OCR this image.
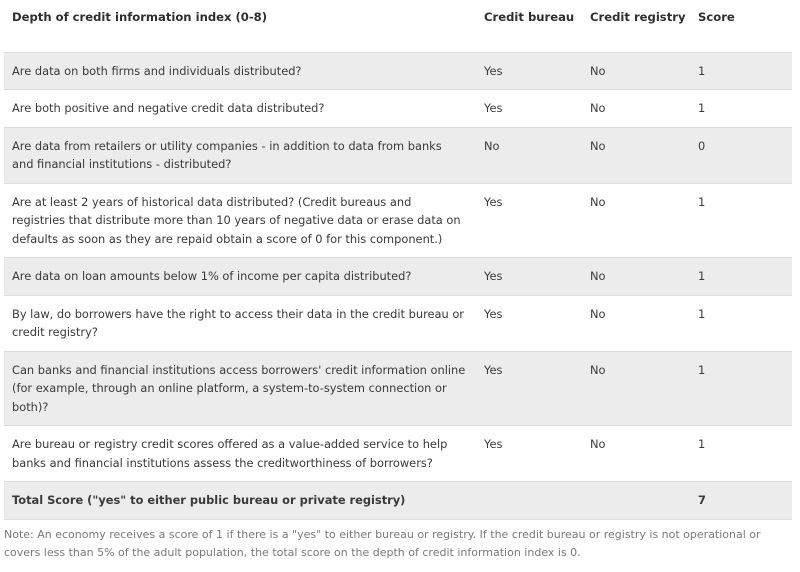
Depth of credit information index (0-8)	Credit bureau	Credit registry	Score
Are data on both firms and individuals distributed?	Yes	No	1
Are both positive and negative credit data distributed?	Yes	No	1
Are data from retailers or utility companies - in addition to data from banks and financial institutions - distributed?	No	No	0
Are at least 2 years of historical data distributed? (Credit bureaus and registries that distribute more than 10 years of negative data or erase data on defaults as soon as they are repaid obtain a score of 0 for this component.)	Yes	No	1
Are data on loan amounts below 1% of income per capita distributed?	Yes	No	1
By law, do borrowers have the right to access their data in the credit bureau or credit registry?	Yes	No	1
Can banks and financial institutions access borrowers' credit information online (for example, through an online platform, a system-to-system connection or both)?	Yes	No	1
Are bureau or registry credit scores offered as a value-added service to help banks and financial institutions assess the creditworthiness of borrowers?	Yes	No	1
Total Score ("yes" to either public bureau or private registry)			7
Note: An economy receives a score of 1 if there is a "yes" to either bureau or registry. If the credit bureau or registry is not operational or covers less than 5% of the adult population, the total score on the depth of credit information index is 0.
